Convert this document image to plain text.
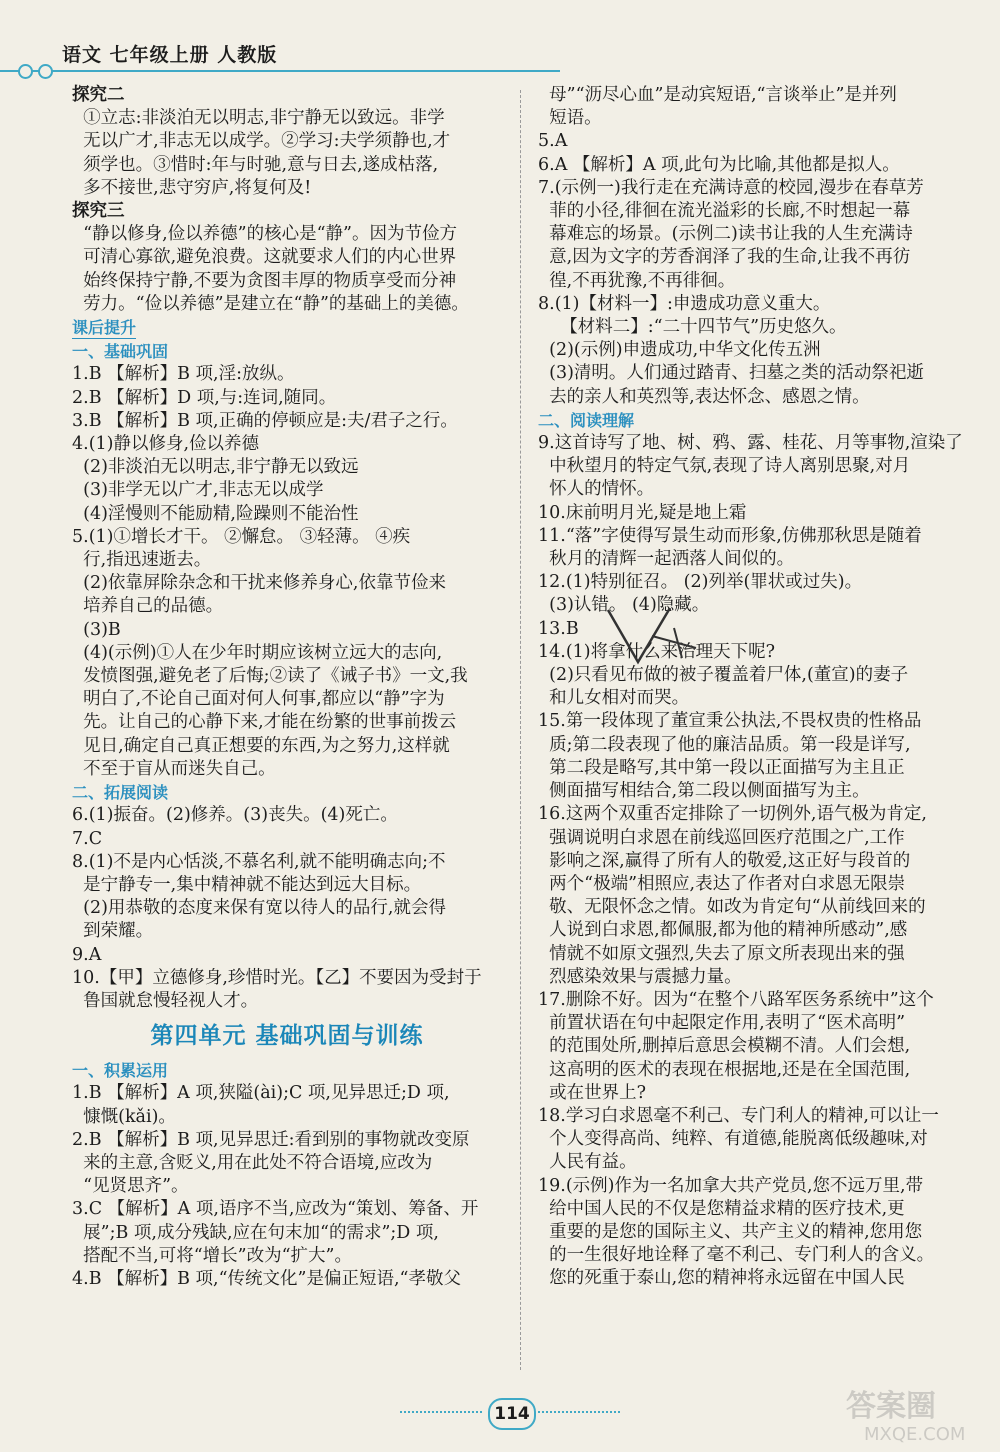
语文 七年级上册 人教版
探究二
①立志:非淡泊无以明志,非宁静无以致远。非学
无以广才,非志无以成学。②学习:夫学须静也,才
须学也。③惜时:年与时驰,意与日去,遂成枯落,
多不接世,悲守穷庐,将复何及!
探究三
“静以修身,俭以养德”的核心是“静”。因为节俭方
可清心寡欲,避免浪费。这就要求人们的内心世界
始终保持宁静,不要为贪图丰厚的物质享受而分神
劳力。“俭以养德”是建立在“静”的基础上的美德。
课后提升
一、基础巩固
1.B 【解析】B 项,淫:放纵。
2.B 【解析】D 项,与:连词,随同。
3.B 【解析】B 项,正确的停顿应是:夫/君子之行。
4.(1)静以修身,俭以养德
(2)非淡泊无以明志,非宁静无以致远
(3)非学无以广才,非志无以成学
(4)淫慢则不能励精,险躁则不能治性
5.(1)①增长才干。 ②懈怠。 ③轻薄。 ④疾
行,指迅速逝去。
(2)依靠屏除杂念和干扰来修养身心,依靠节俭来
培养自己的品德。
(3)B
(4)(示例)①人在少年时期应该树立远大的志向,
发愤图强,避免老了后悔;②读了《诫子书》一文,我
明白了,不论自己面对何人何事,都应以“静”字为
先。让自己的心静下来,才能在纷繁的世事前拨云
见日,确定自己真正想要的东西,为之努力,这样就
不至于盲从而迷失自己。
二、拓展阅读
6.(1)振奋。(2)修养。(3)丧失。(4)死亡。
7.C
8.(1)不是内心恬淡,不慕名利,就不能明确志向;不
是宁静专一,集中精神就不能达到远大目标。
(2)用恭敬的态度来保有宽以待人的品行,就会得
到荣耀。
9.A
10.【甲】立德修身,珍惜时光。【乙】不要因为受封于
鲁国就怠慢轻视人才。
第四单元 基础巩固与训练
一、积累运用
1.B 【解析】A 项,狭隘(ài);C 项,见异思迁;D 项,
慷慨(kǎi)。
2.B 【解析】B 项,见异思迁:看到别的事物就改变原
来的主意,含贬义,用在此处不符合语境,应改为
“见贤思齐”。
3.C 【解析】A 项,语序不当,应改为“策划、筹备、开
展”;B 项,成分残缺,应在句末加“的需求”;D 项,
搭配不当,可将“增长”改为“扩大”。
4.B 【解析】B 项,“传统文化”是偏正短语,“孝敬父
母”“沥尽心血”是动宾短语,“言谈举止”是并列
短语。
5.A
6.A 【解析】A 项,此句为比喻,其他都是拟人。
7.(示例一)我行走在充满诗意的校园,漫步在春草芳
菲的小径,徘徊在流光溢彩的长廊,不时想起一幕
幕难忘的场景。(示例二)读书让我的人生充满诗
意,因为文字的芳香润泽了我的生命,让我不再彷
徨,不再犹豫,不再徘徊。
8.(1)【材料一】:申遗成功意义重大。
【材料二】:“二十四节气”历史悠久。
(2)(示例)申遗成功,中华文化传五洲
(3)清明。人们通过踏青、扫墓之类的活动祭祀逝
去的亲人和英烈等,表达怀念、感恩之情。
二、阅读理解
9.这首诗写了地、树、鸦、露、桂花、月等事物,渲染了
中秋望月的特定气氛,表现了诗人离别思聚,对月
怀人的情怀。
10.床前明月光,疑是地上霜
11.“落”字使得写景生动而形象,仿佛那秋思是随着
秋月的清辉一起洒落人间似的。
12.(1)特别征召。 (2)列举(罪状或过失)。
(3)认错。 (4)隐藏。
13.B
14.(1)将拿什么来治理天下呢?
(2)只看见布做的被子覆盖着尸体,(董宣)的妻子
和儿女相对而哭。
15.第一段体现了董宣秉公执法,不畏权贵的性格品
质;第二段表现了他的廉洁品质。第一段是详写,
第二段是略写,其中第一段以正面描写为主且正
侧面描写相结合,第二段以侧面描写为主。
16.这两个双重否定排除了一切例外,语气极为肯定,
强调说明白求恩在前线巡回医疗范围之广,工作
影响之深,赢得了所有人的敬爱,这正好与段首的
两个“极端”相照应,表达了作者对白求恩无限崇
敬、无限怀念之情。如改为肯定句“从前线回来的
人说到白求恩,都佩服,都为他的精神所感动”,感
情就不如原文强烈,失去了原文所表现出来的强
烈感染效果与震撼力量。
17.删除不好。因为“在整个八路军医务系统中”这个
前置状语在句中起限定作用,表明了“医术高明”
的范围处所,删掉后意思会模糊不清。人们会想,
这高明的医术的表现在根据地,还是在全国范围,
或在世界上?
18.学习白求恩毫不利己、专门利人的精神,可以让一
个人变得高尚、纯粹、有道德,能脱离低级趣味,对
人民有益。
19.(示例)作为一名加拿大共产党员,您不远万里,带
给中国人民的不仅是您精益求精的医疗技术,更
重要的是您的国际主义、共产主义的精神,您用您
的一生很好地诠释了毫不利己、专门利人的含义。
您的死重于泰山,您的精神将永远留在中国人民
114	答案圈
MXQE.COM
